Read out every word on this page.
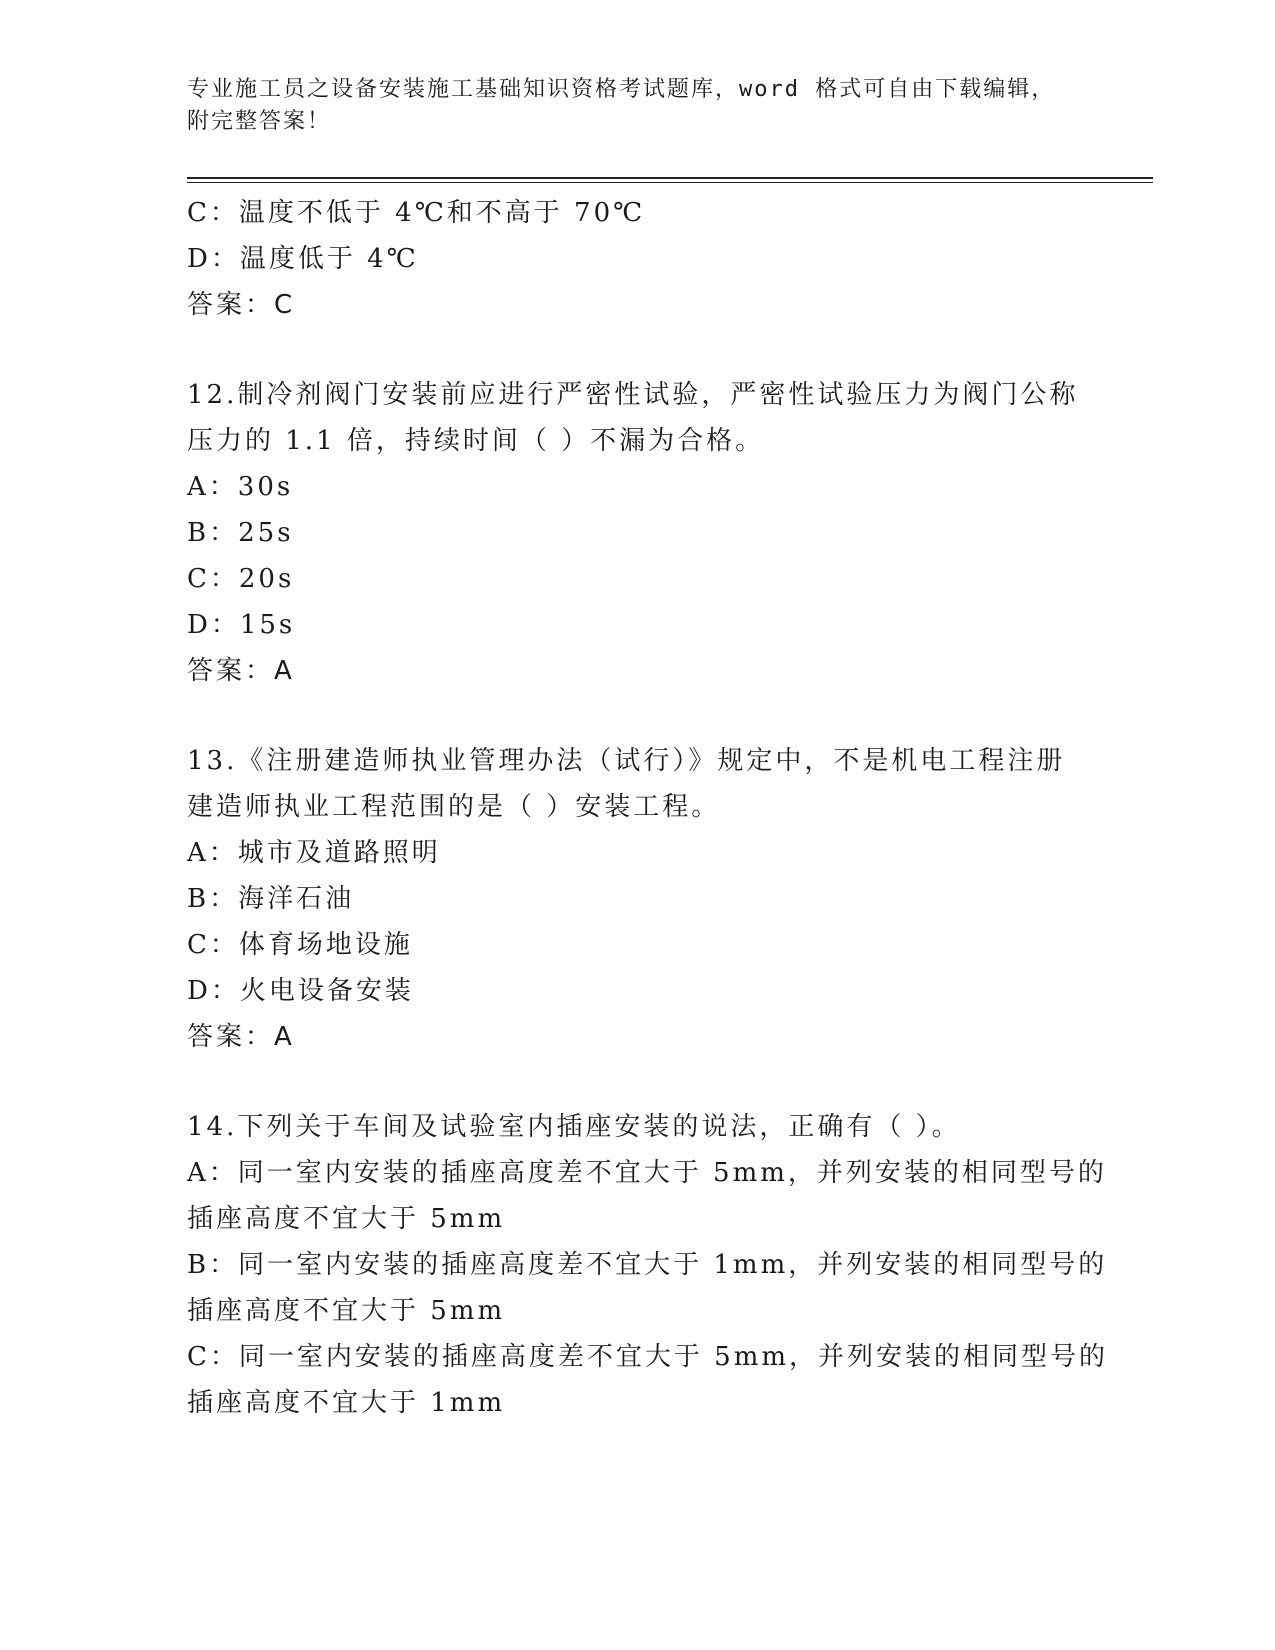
专业施工员之设备安装施工基础知识资格考试题库，word 格式可自由下载编辑，
附完整答案！
C：温度不低于 4℃和不高于 70℃
D：温度低于 4℃
答案：C
12.制冷剂阀门安装前应进行严密性试验，严密性试验压力为阀门公称
压力的 1.1 倍，持续时间（ ）不漏为合格。
A：30s
B：25s
C：20s
D：15s
答案：A
13.《注册建造师执业管理办法（试行）》规定中，不是机电工程注册
建造师执业工程范围的是（ ）安装工程。
A：城市及道路照明
B：海洋石油
C：体育场地设施
D：火电设备安装
答案：A
14.下列关于车间及试验室内插座安装的说法，正确有（ ）。
A：同一室内安装的插座高度差不宜大于 5mm，并列安装的相同型号的
插座高度不宜大于 5mm
B：同一室内安装的插座高度差不宜大于 1mm，并列安装的相同型号的
插座高度不宜大于 5mm
C：同一室内安装的插座高度差不宜大于 5mm，并列安装的相同型号的
插座高度不宜大于 1mm
